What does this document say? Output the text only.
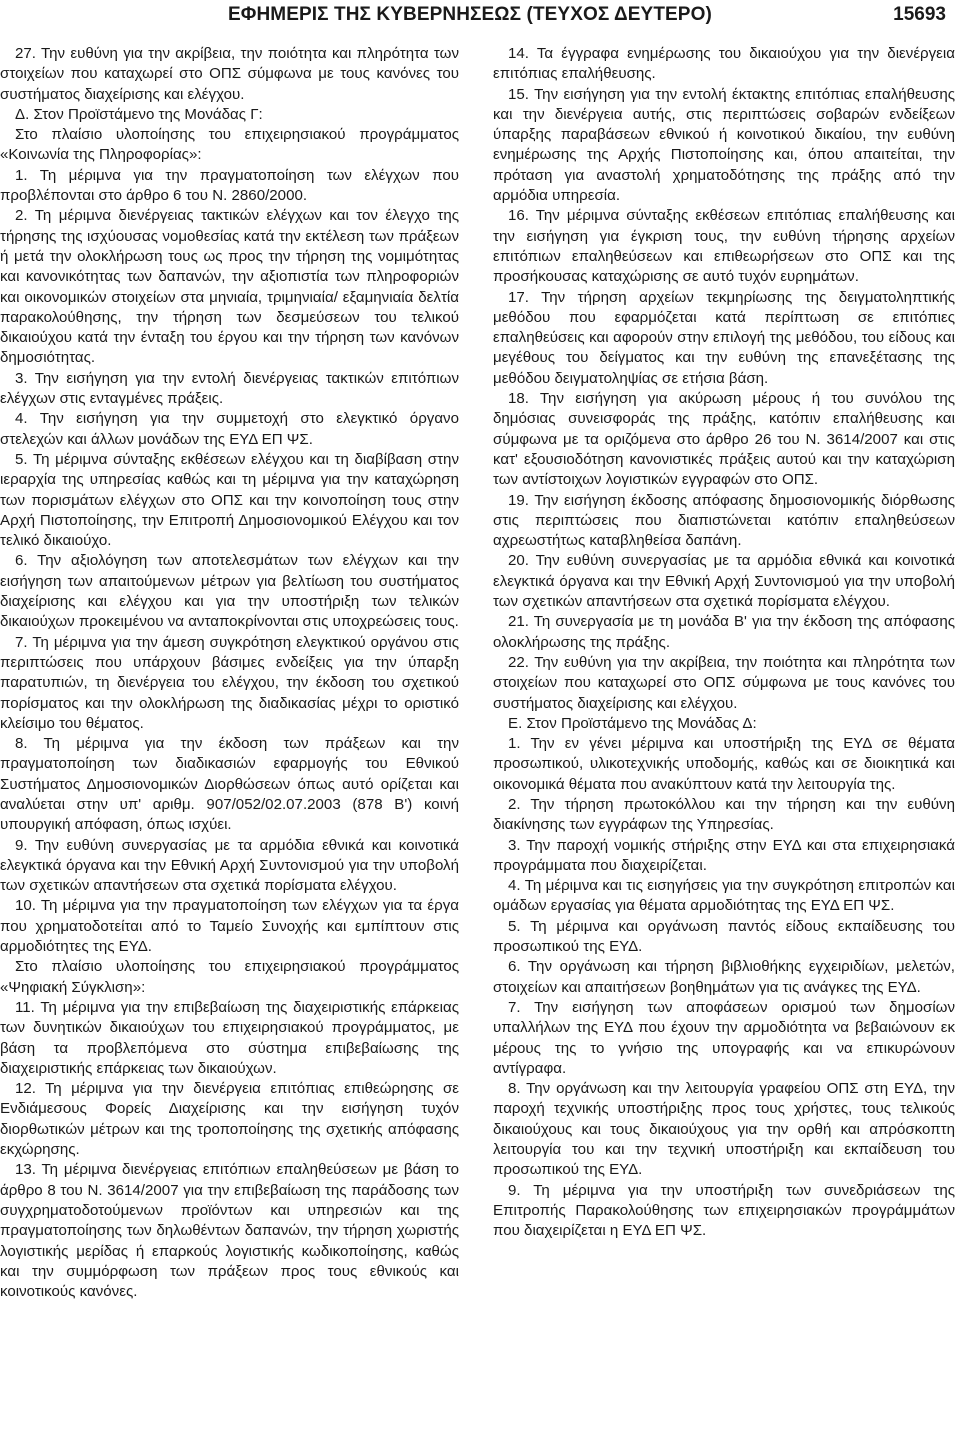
ΕΦΗΜΕΡΙΣ ΤΗΣ ΚΥΒΕΡΝΗΣΕΩΣ (ΤΕΥΧΟΣ ΔΕΥΤΕΡΟ)	15693

27. Την ευθύνη για την ακρίβεια, την ποιότητα και πληρότητα των στοιχείων που καταχωρεί στο ΟΠΣ σύμφωνα με τους κανόνες του συστήματος διαχείρισης και ελέγχου.

Δ. Στον Προϊστάμενο της Μονάδας Γ:

Στο πλαίσιο υλοποίησης του επιχειρησιακού προγράμματος «Κοινωνία της Πληροφορίας»:

1. Τη μέριμνα για την πραγματοποίηση των ελέγχων που προβλέπονται στο άρθρο 6 του Ν. 2860/2000.

2. Τη μέριμνα διενέργειας τακτικών ελέγχων και τον έλεγχο της τήρησης της ισχύουσας νομοθεσίας κατά την εκτέλεση των πράξεων ή μετά την ολοκλήρωση τους ως προς την τήρηση της νομιμότητας και κανονικότητας των δαπανών, την αξιοπιστία των πληροφοριών και οικονομικών στοιχείων στα μηνιαία, τριμηνιαία/ εξαμηνιαία δελτία παρακολούθησης, την τήρηση των δεσμεύσεων του τελικού δικαιούχου κατά την ένταξη του έργου και την τήρηση των κανόνων δημοσιότητας.

3. Την εισήγηση για την εντολή διενέργειας τακτικών επιτόπιων ελέγχων στις ενταγμένες πράξεις.

4. Την εισήγηση για την συμμετοχή στο ελεγκτικό όργανο στελεχών και άλλων μονάδων της ΕΥΔ ΕΠ ΨΣ.

5. Τη μέριμνα σύνταξης εκθέσεων ελέγχου και τη διαβίβαση στην ιεραρχία της υπηρεσίας καθώς και τη μέριμνα για την καταχώρηση των πορισμάτων ελέγχων στο ΟΠΣ και την κοινοποίηση τους στην Αρχή Πιστοποίησης, την Επιτροπή Δημοσιονομικού Ελέγχου και τον τελικό δικαιούχο.

6. Την αξιολόγηση των αποτελεσμάτων των ελέγχων και την εισήγηση των απαιτούμενων μέτρων για βελτίωση του συστήματος διαχείρισης και ελέγχου και για την υποστήριξη των τελικών δικαιούχων προκειμένου να ανταποκρίνονται στις υποχρεώσεις τους.

7. Τη μέριμνα για την άμεση συγκρότηση ελεγκτικού οργάνου στις περιπτώσεις που υπάρχουν βάσιμες ενδείξεις για την ύπαρξη παρατυπιών, τη διενέργεια του ελέγχου, την έκδοση του σχετικού πορίσματος και την ολοκλήρωση της διαδικασίας μέχρι το οριστικό κλείσιμο του θέματος.

8. Τη μέριμνα για την έκδοση των πράξεων και την πραγματοποίηση των διαδικασιών εφαρμογής του Εθνικού Συστήματος Δημοσιονομικών Διορθώσεων όπως αυτό ορίζεται και αναλύεται στην υπ' αριθμ. 907/052/02.07.2003 (878 Β') κοινή υπουργική απόφαση, όπως ισχύει.

9. Την ευθύνη συνεργασίας με τα αρμόδια εθνικά και κοινοτικά ελεγκτικά όργανα και την Εθνική Αρχή Συντονισμού για την υποβολή των σχετικών απαντήσεων στα σχετικά πορίσματα ελέγχου.

10. Τη μέριμνα για την πραγματοποίηση των ελέγχων για τα έργα που χρηματοδοτείται από το Ταμείο Συνοχής και εμπίπτουν στις αρμοδιότητες της ΕΥΔ.

Στο πλαίσιο υλοποίησης του επιχειρησιακού προγράμματος «Ψηφιακή Σύγκλιση»:

11. Τη μέριμνα για την επιβεβαίωση της διαχειριστικής επάρκειας των δυνητικών δικαιούχων του επιχειρησιακού προγράμματος, με βάση τα προβλεπόμενα στο σύστημα επιβεβαίωσης της διαχειριστικής επάρκειας των δικαιούχων.

12. Τη μέριμνα για την διενέργεια επιτόπιας επιθεώρησης σε Ενδιάμεσους Φορείς Διαχείρισης και την εισήγηση τυχόν διορθωτικών μέτρων και της τροποποίησης της σχετικής απόφασης εκχώρησης.

13. Τη μέριμνα διενέργειας επιτόπιων επαληθεύσεων με βάση το άρθρο 8 του Ν. 3614/2007 για την επιβεβαίωση της παράδοσης των συγχρηματοδοτούμενων προϊόντων και υπηρεσιών και της πραγματοποίησης των δηλωθέντων δαπανών, την τήρηση χωριστής λογιστικής μερίδας ή επαρκούς λογιστικής κωδικοποίησης, καθώς και την συμμόρφωση των πράξεων προς τους εθνικούς και κοινοτικούς κανόνες.

14. Τα έγγραφα ενημέρωσης του δικαιούχου για την διενέργεια επιτόπιας επαλήθευσης.

15. Την εισήγηση για την εντολή έκτακτης επιτόπιας επαλήθευσης και την διενέργεια αυτής, στις περιπτώσεις σοβαρών ενδείξεων ύπαρξης παραβάσεων εθνικού ή κοινοτικού δικαίου, την ευθύνη ενημέρωσης της Αρχής Πιστοποίησης και, όπου απαιτείται, την πρόταση για αναστολή χρηματοδότησης της πράξης από την αρμόδια υπηρεσία.

16. Την μέριμνα σύνταξης εκθέσεων επιτόπιας επαλήθευσης και την εισήγηση για έγκριση τους, την ευθύνη τήρησης αρχείων επιτόπιων επαληθεύσεων και επιθεωρήσεων στο ΟΠΣ και της προσήκουσας καταχώρισης σε αυτό τυχόν ευρημάτων.

17. Την τήρηση αρχείων τεκμηρίωσης της δειγματοληπτικής μεθόδου που εφαρμόζεται κατά περίπτωση σε επιτόπιες επαληθεύσεις και αφορούν στην επιλογή της μεθόδου, του είδους και μεγέθους του δείγματος και την ευθύνη της επανεξέτασης της μεθόδου δειγματοληψίας σε ετήσια βάση.

18. Την εισήγηση για ακύρωση μέρους ή του συνόλου της δημόσιας συνεισφοράς της πράξης, κατόπιν επαλήθευσης και σύμφωνα με τα οριζόμενα στο άρθρο 26 του Ν. 3614/2007 και στις κατ' εξουσιοδότηση κανονιστικές πράξεις αυτού και την καταχώριση των αντίστοιχων λογιστικών εγγραφών στο ΟΠΣ.

19. Την εισήγηση έκδοσης απόφασης δημοσιονομικής διόρθωσης στις περιπτώσεις που διαπιστώνεται κατόπιν επαληθεύσεων αχρεωστήτως καταβληθείσα δαπάνη.

20. Την ευθύνη συνεργασίας με τα αρμόδια εθνικά και κοινοτικά ελεγκτικά όργανα και την Εθνική Αρχή Συντονισμού για την υποβολή των σχετικών απαντήσεων στα σχετικά πορίσματα ελέγχου.

21. Τη συνεργασία με τη μονάδα Β' για την έκδοση της απόφασης ολοκλήρωσης της πράξης.

22. Την ευθύνη για την ακρίβεια, την ποιότητα και πληρότητα των στοιχείων που καταχωρεί στο ΟΠΣ σύμφωνα με τους κανόνες του συστήματος διαχείρισης και ελέγχου.

Ε. Στον Προϊστάμενο της Μονάδας Δ:

1. Την εν γένει μέριμνα και υποστήριξη της ΕΥΔ σε θέματα προσωπικού, υλικοτεχνικής υποδομής, καθώς και σε διοικητικά και οικονομικά θέματα που ανακύπτουν κατά την λειτουργία της.

2. Την τήρηση πρωτοκόλλου και την τήρηση και την ευθύνη διακίνησης των εγγράφων της Υπηρεσίας.

3. Την παροχή νομικής στήριξης στην ΕΥΔ και στα επιχειρησιακά προγράμματα που διαχειρίζεται.

4. Τη μέριμνα και τις εισηγήσεις για την συγκρότηση επιτροπών και ομάδων εργασίας για θέματα αρμοδιότητας της ΕΥΔ ΕΠ ΨΣ.

5. Τη μέριμνα και οργάνωση παντός είδους εκπαίδευσης του προσωπικού της ΕΥΔ.

6. Την οργάνωση και τήρηση βιβλιοθήκης εγχειριδίων, μελετών, στοιχείων και απαιτήσεων βοηθημάτων για τις ανάγκες της ΕΥΔ.

7. Την εισήγηση των αποφάσεων ορισμού των δημοσίων υπαλλήλων της ΕΥΔ που έχουν την αρμοδιότητα να βεβαιώνουν εκ μέρους της το γνήσιο της υπογραφής και να επικυρώνουν αντίγραφα.

8. Την οργάνωση και την λειτουργία γραφείου ΟΠΣ στη ΕΥΔ, την παροχή τεχνικής υποστήριξης προς τους χρήστες, τους τελικούς δικαιούχους και τους δικαιούχους για την ορθή και απρόσκοπτη λειτουργία του και την τεχνική υποστήριξη και εκπαίδευση του προσωπικού της ΕΥΔ.

9. Τη μέριμνα για την υποστήριξη των συνεδριάσεων της Επιτροπής Παρακολούθησης των επιχειρησιακών προγράμμάτων που διαχειρίζεται η ΕΥΔ ΕΠ ΨΣ.
